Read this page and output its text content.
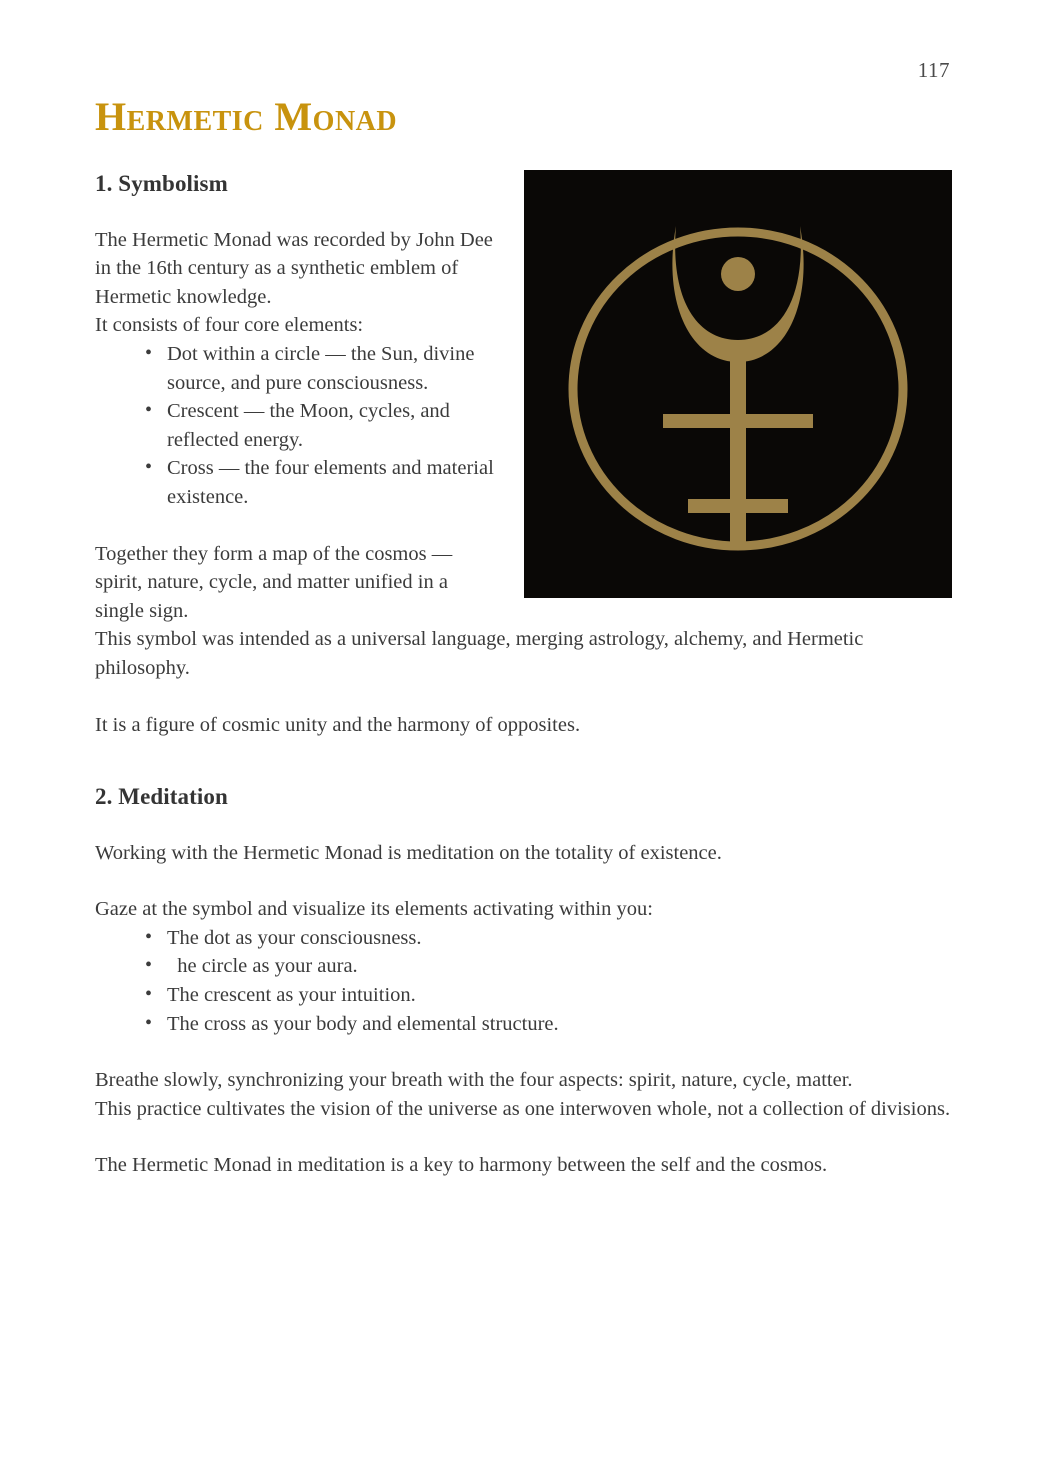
117
Hermetic Monad
1. Symbolism

The Hermetic Monad was recorded by John Dee in the 16th century as a synthetic emblem of Hermetic knowledge.

It consists of four core elements:

• Dot within a circle — the Sun, divine source, and pure consciousness.
• Crescent — the Moon, cycles, and reflected energy.
• Cross — the four elements and material existence.

Together they form a map of the cosmos — spirit, nature, cycle, and matter unified in a single sign.

This symbol was intended as a universal language, merging astrology, alchemy, and Hermetic philosophy.

It is a figure of cosmic unity and the harmony of opposites.

2. Meditation

Working with the Hermetic Monad is meditation on the totality of existence.

Gaze at the symbol and visualize its elements activating within you:

• The dot as your consciousness.
•   he circle as your aura.
• The crescent as your intuition.
• The cross as your body and elemental structure.

Breathe slowly, synchronizing your breath with the four aspects: spirit, nature, cycle, matter.

This practice cultivates the vision of the universe as one interwoven whole, not a collection of divisions.

The Hermetic Monad in meditation is a key to harmony between the self and the cosmos.
